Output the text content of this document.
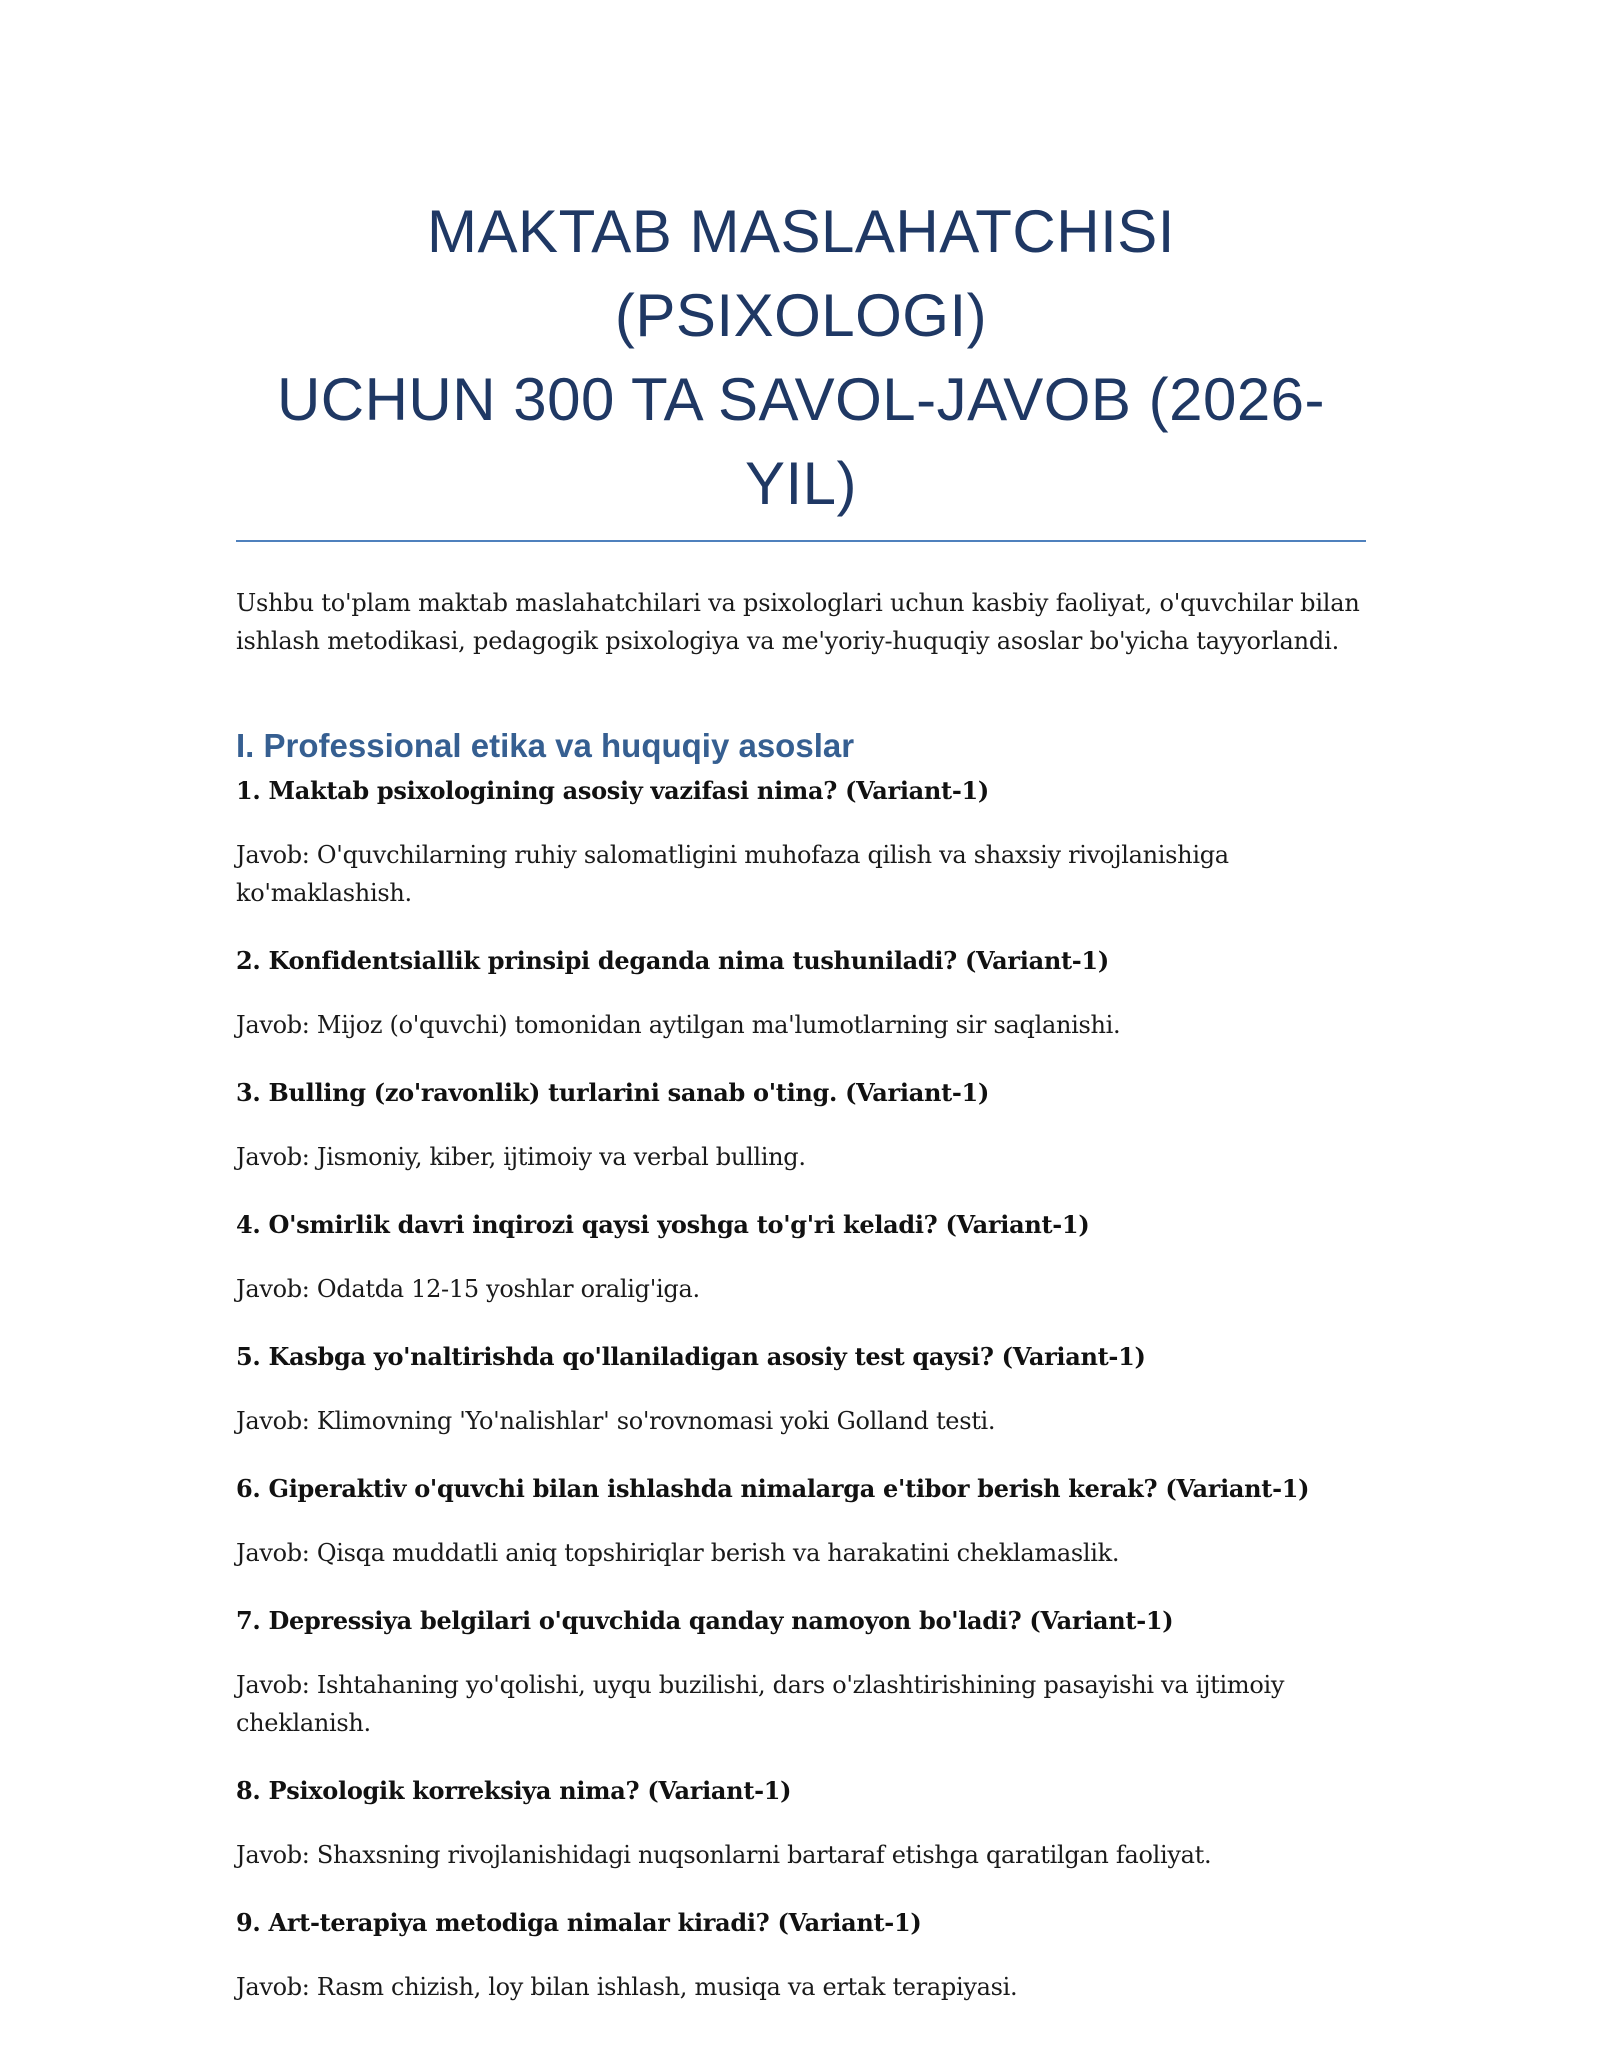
MAKTAB MASLAHATCHISI (PSIXOLOGI)
UCHUN 300 TA SAVOL-JAVOB (2026-YIL)

Ushbu to'plam maktab maslahatchilari va psixologlari uchun kasbiy faoliyat, o'quvchilar bilan ishlash metodikasi, pedagogik psixologiya va me'yoriy-huquqiy asoslar bo'yicha tayyorlandi.

I. Professional etika va huquqiy asoslar

1. Maktab psixologining asosiy vazifasi nima? (Variant-1)

Javob: O'quvchilarning ruhiy salomatligini muhofaza qilish va shaxsiy rivojlanishiga ko'maklashish.

2. Konfidentsiallik prinsipi deganda nima tushuniladi? (Variant-1)

Javob: Mijoz (o'quvchi) tomonidan aytilgan ma'lumotlarning sir saqlanishi.

3. Bulling (zo'ravonlik) turlarini sanab o'ting. (Variant-1)

Javob: Jismoniy, kiber, ijtimoiy va verbal bulling.

4. O'smirlik davri inqirozi qaysi yoshga to'g'ri keladi? (Variant-1)

Javob: Odatda 12-15 yoshlar oralig'iga.

5. Kasbga yo'naltirishda qo'llaniladigan asosiy test qaysi? (Variant-1)

Javob: Klimovning 'Yo'nalishlar' so'rovnomasi yoki Golland testi.

6. Giperaktiv o'quvchi bilan ishlashda nimalarga e'tibor berish kerak? (Variant-1)

Javob: Qisqa muddatli aniq topshiriqlar berish va harakatini cheklamaslik.

7. Depressiya belgilari o'quvchida qanday namoyon bo'ladi? (Variant-1)

Javob: Ishtahaning yo'qolishi, uyqu buzilishi, dars o'zlashtirishining pasayishi va ijtimoiy cheklanish.

8. Psixologik korreksiya nima? (Variant-1)

Javob: Shaxsning rivojlanishidagi nuqsonlarni bartaraf etishga qaratilgan faoliyat.

9. Art-terapiya metodiga nimalar kiradi? (Variant-1)

Javob: Rasm chizish, loy bilan ishlash, musiqa va ertak terapiyasi.
